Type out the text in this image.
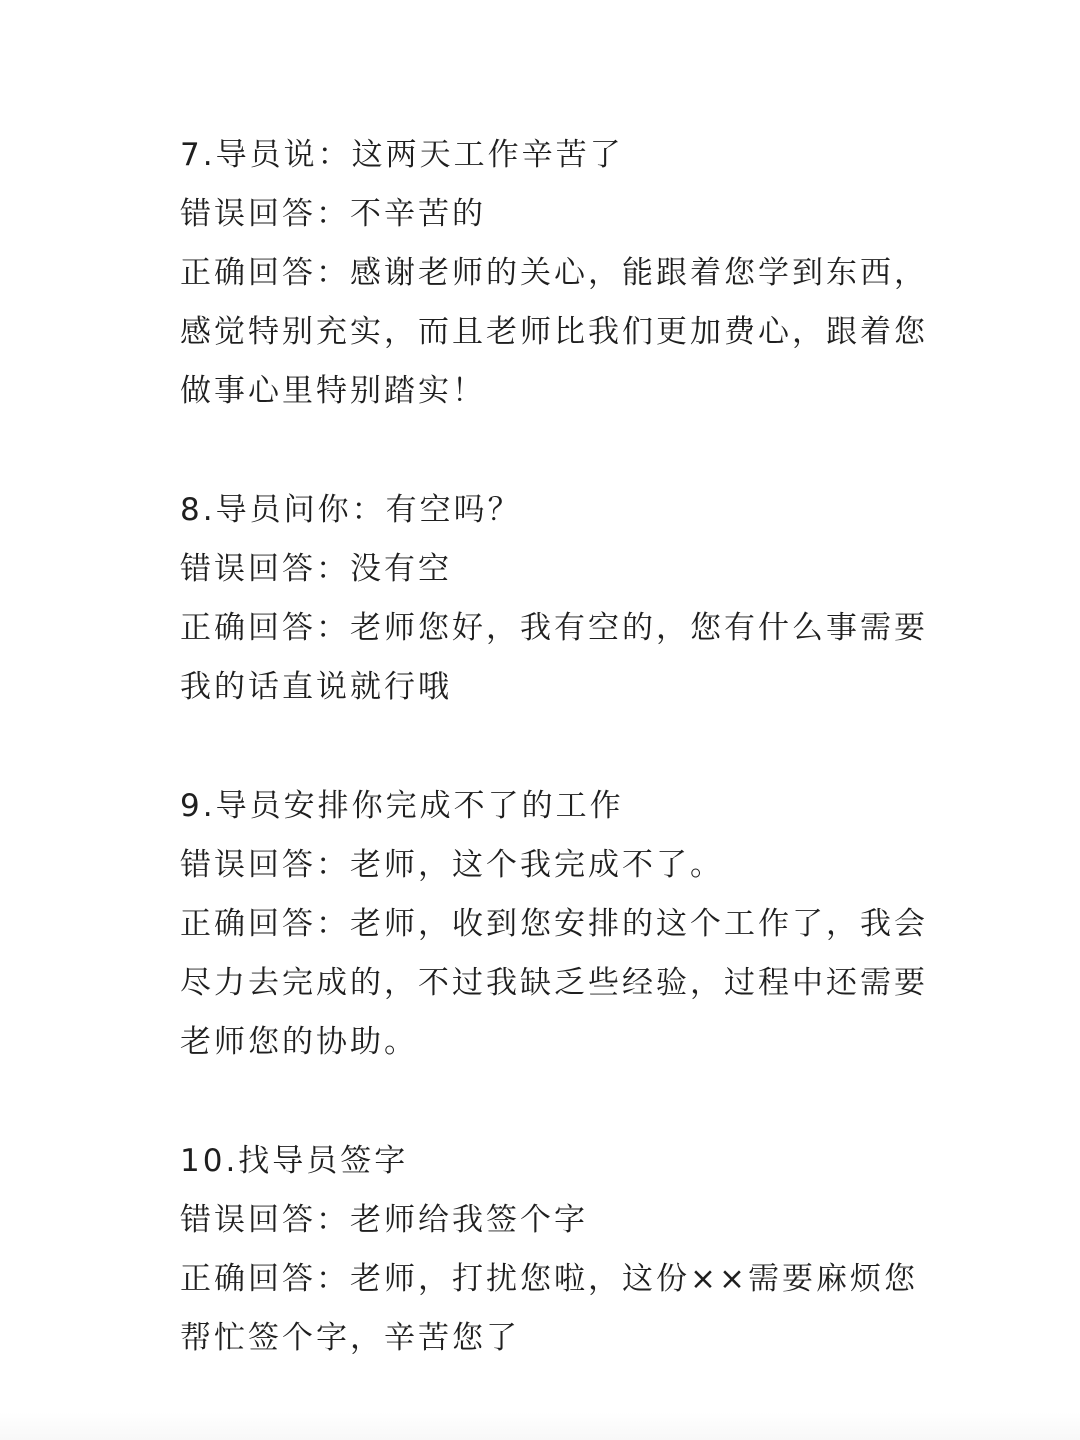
7.导员说：这两天工作辛苦了

错误回答：不辛苦的

正确回答：感谢老师的关心，能跟着您学到东西，

感觉特别充实，而且老师比我们更加费心，跟着您

做事心里特别踏实！

8.导员问你：有空吗？

错误回答：没有空

正确回答：老师您好，我有空的，您有什么事需要

我的话直说就行哦

9.导员安排你完成不了的工作

错误回答：老师，这个我完成不了。

正确回答：老师，收到您安排的这个工作了，我会

尽力去完成的，不过我缺乏些经验，过程中还需要

老师您的协助。

10.找导员签字

错误回答：老师给我签个字

正确回答：老师，打扰您啦，这份××需要麻烦您

帮忙签个字，辛苦您了
